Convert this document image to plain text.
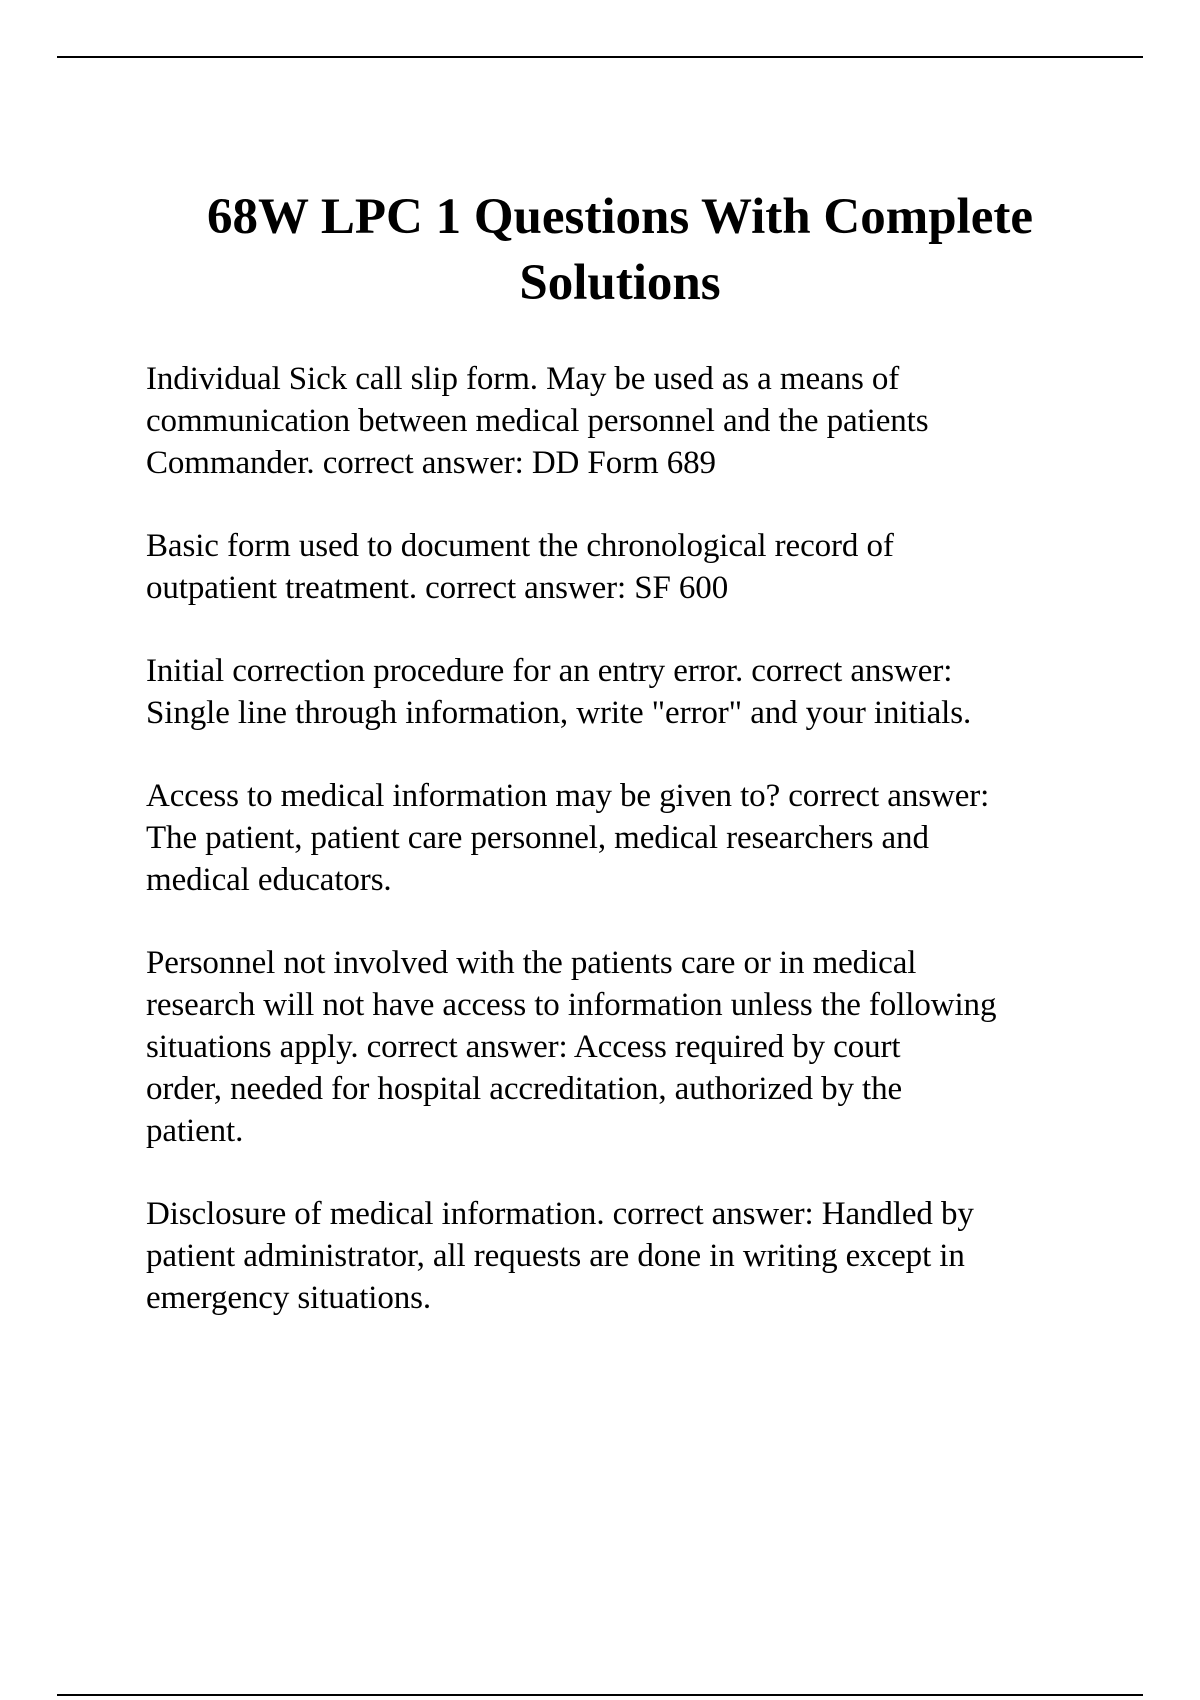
68W LPC 1 Questions With Complete
Solutions

Individual Sick call slip form. May be used as a means of
communication between medical personnel and the patients
Commander. correct answer: DD Form 689

Basic form used to document the chronological record of
outpatient treatment. correct answer: SF 600

Initial correction procedure for an entry error. correct answer:
Single line through information, write "error" and your initials.

Access to medical information may be given to? correct answer:
The patient, patient care personnel, medical researchers and
medical educators.

Personnel not involved with the patients care or in medical
research will not have access to information unless the following
situations apply. correct answer: Access required by court
order, needed for hospital accreditation, authorized by the
patient.

Disclosure of medical information. correct answer: Handled by
patient administrator, all requests are done in writing except in
emergency situations.
